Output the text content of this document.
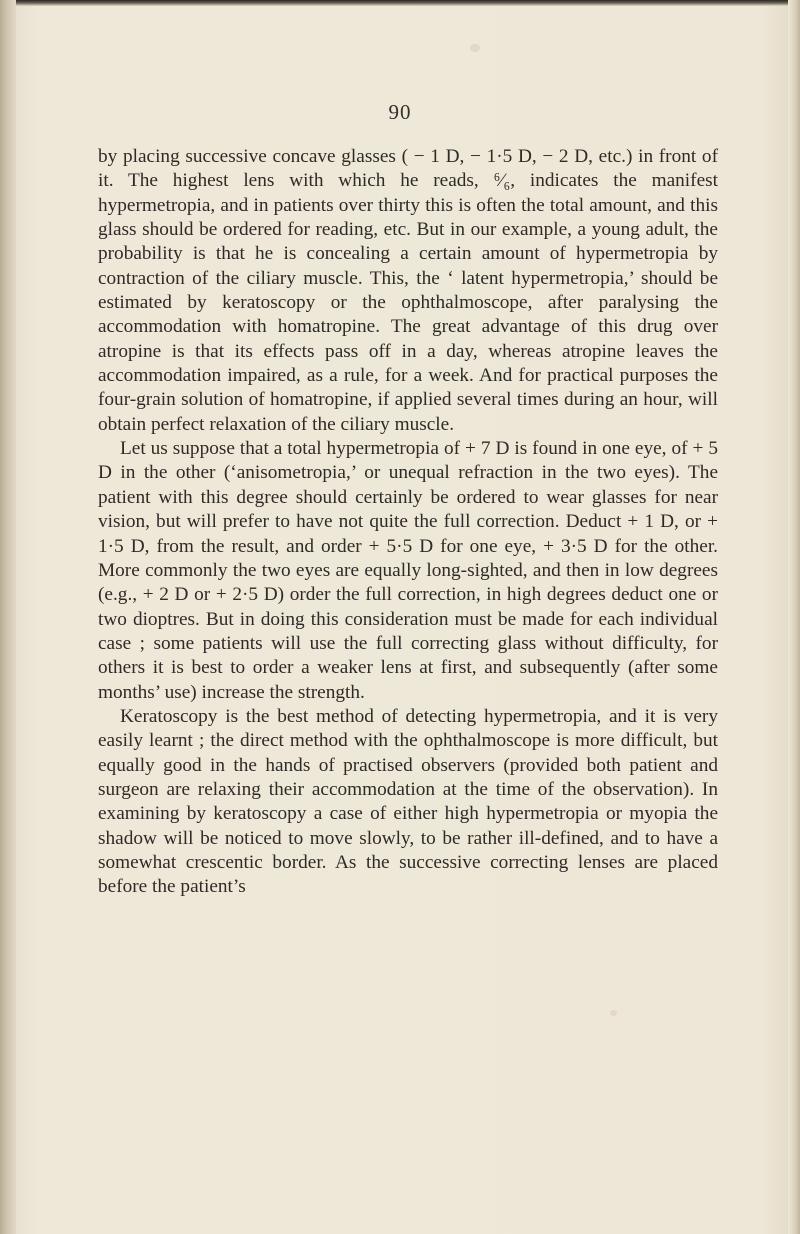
90

by placing successive concave glasses ( − 1 D, − 1·5 D, − 2 D, etc.) in front of it. The highest lens with which he reads, ⁶⁄₆, indicates the manifest hypermetropia, and in patients over thirty this is often the total amount, and this glass should be ordered for reading, etc. But in our example, a young adult, the probability is that he is concealing a certain amount of hypermetropia by contraction of the ciliary muscle. This, the ‘ latent hypermetropia,’ should be estimated by keratoscopy or the ophthalmoscope, after paralysing the accommodation with homatropine. The great advantage of this drug over atropine is that its effects pass off in a day, whereas atropine leaves the accommodation impaired, as a rule, for a week. And for practical purposes the four-grain solution of homatropine, if applied several times during an hour, will obtain perfect relaxation of the ciliary muscle.

Let us suppose that a total hypermetropia of + 7 D is found in one eye, of + 5 D in the other (‘anisometropia,’ or unequal refraction in the two eyes). The patient with this degree should certainly be ordered to wear glasses for near vision, but will prefer to have not quite the full correction. Deduct + 1 D, or + 1·5 D, from the result, and order + 5·5 D for one eye, + 3·5 D for the other. More commonly the two eyes are equally long-sighted, and then in low degrees (e.g., + 2 D or + 2·5 D) order the full correction, in high degrees deduct one or two dioptres. But in doing this consideration must be made for each individual case ; some patients will use the full correcting glass without difficulty, for others it is best to order a weaker lens at first, and subsequently (after some months’ use) increase the strength.

Keratoscopy is the best method of detecting hypermetropia, and it is very easily learnt ; the direct method with the ophthalmoscope is more difficult, but equally good in the hands of practised observers (provided both patient and surgeon are relaxing their accommodation at the time of the observation). In examining by keratoscopy a case of either high hypermetropia or myopia the shadow will be noticed to move slowly, to be rather ill-defined, and to have a somewhat crescentic border. As the successive correcting lenses are placed before the patient’s
